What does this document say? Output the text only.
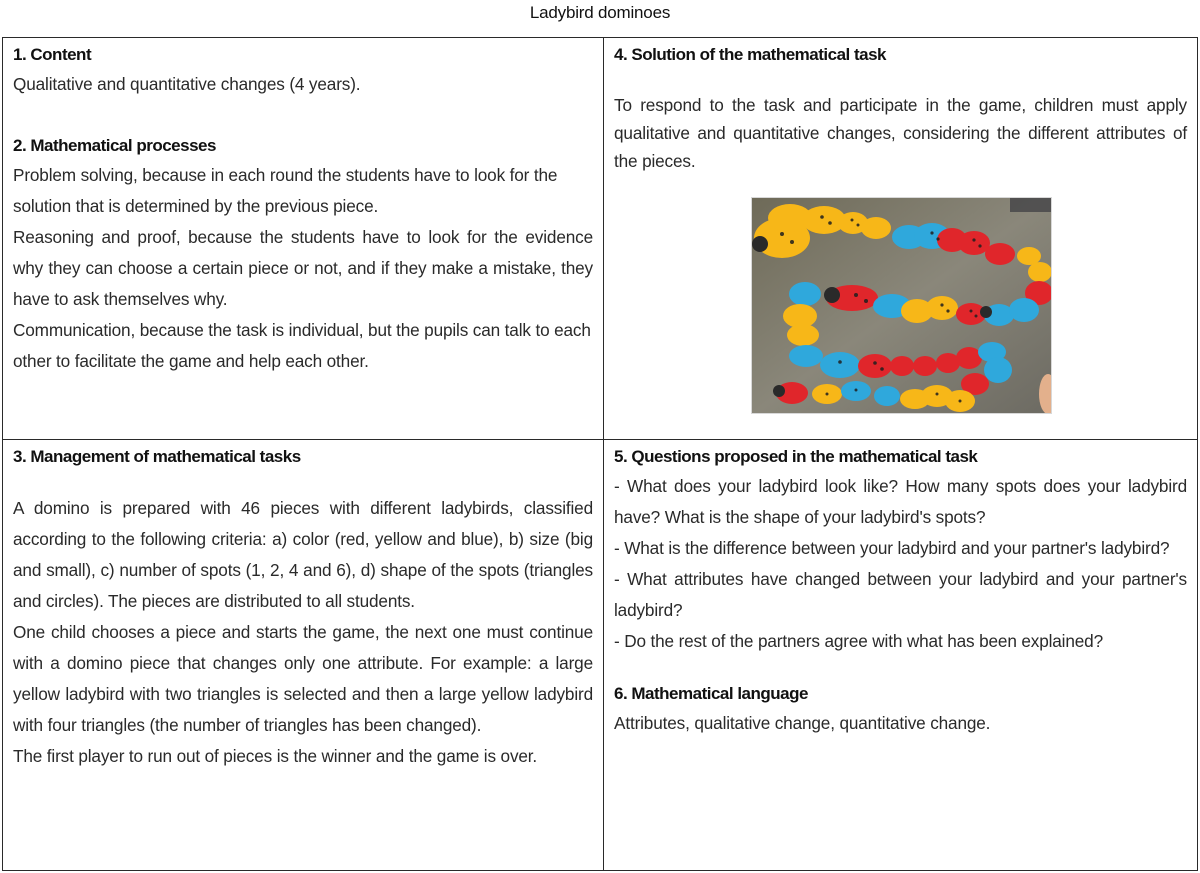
Ladybird dominoes
1. Content
Qualitative and quantitative changes (4 years).
2. Mathematical processes
Problem solving, because in each round the students have to look for the solution that is determined by the previous piece.
Reasoning and proof, because the students have to look for the evidence why they can choose a certain piece or not, and if they make a mistake, they have to ask themselves why.
Communication, because the task is individual, but the pupils can talk to each other to facilitate the game and help each other.
4. Solution of the mathematical task
To respond to the task and participate in the game, children must apply qualitative and quantitative changes, considering the different attributes of the pieces.
3. Management of mathematical tasks
A domino is prepared with 46 pieces with different ladybirds, classified according to the following criteria: a) color (red, yellow and blue), b) size (big and small), c) number of spots (1, 2, 4 and 6), d) shape of the spots (triangles and circles). The pieces are distributed to all students.
One child chooses a piece and starts the game, the next one must continue with a domino piece that changes only one attribute. For example: a large yellow ladybird with two triangles is selected and then a large yellow ladybird with four triangles (the number of triangles has been changed).
The first player to run out of pieces is the winner and the game is over.
5. Questions proposed in the mathematical task
- What does your ladybird look like? How many spots does your ladybird have? What is the shape of your ladybird's spots?
- What is the difference between your ladybird and your partner's ladybird?
- What attributes have changed between your ladybird and your partner's ladybird?
- Do the rest of the partners agree with what has been explained?
6. Mathematical language
Attributes, qualitative change, quantitative change.
